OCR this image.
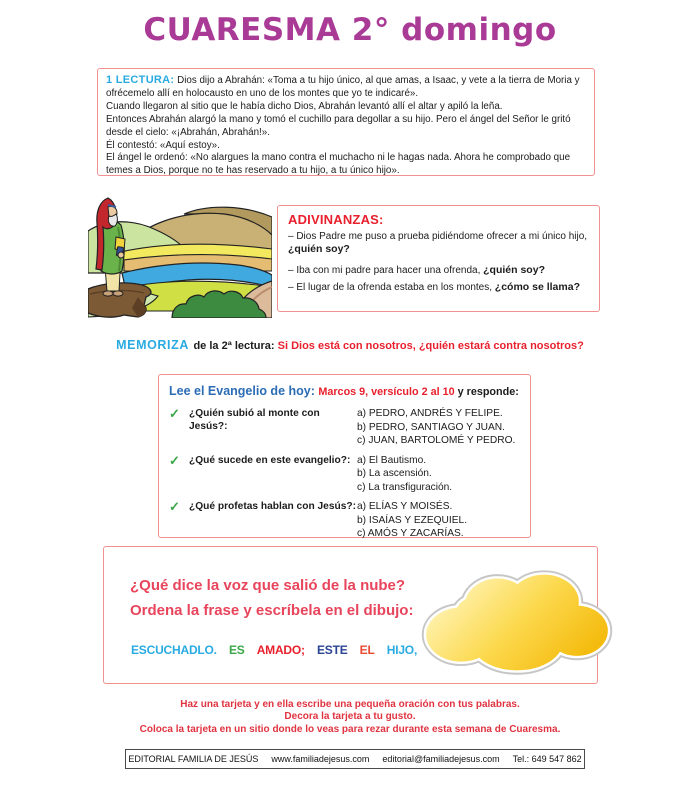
CUARESMA 2° domingo
1 LECTURA: Dios dijo a Abrahán: «Toma a tu hijo único, al que amas, a Isaac, y vete a la tierra de Moria y ofrécemelo allí en holocausto en uno de los montes que yo te indicaré».
Cuando llegaron al sitio que le había dicho Dios, Abrahán levantó allí el altar y apiló la leña.
Entonces Abrahán alargó la mano y tomó el cuchillo para degollar a su hijo. Pero el ángel del Señor le gritó desde el cielo: «¡Abrahán, Abrahán!».
Él contestó: «Aquí estoy».
El ángel le ordenó: «No alargues la mano contra el muchacho ni le hagas nada. Ahora he comprobado que temes a Dios, porque no te has reservado a tu hijo, a tu único hijo».
ADIVINANZAS:
– Dios Padre me puso a prueba pidiéndome ofrecer a mi único hijo, ¿quién soy?
– Iba con mi padre para hacer una ofrenda, ¿quién soy?
– El lugar de la ofrenda estaba en los montes, ¿cómo se llama?
MEMORIZA de la 2ª lectura: Si Dios está con nosotros, ¿quién estará contra nosotros?
Lee el Evangelio de hoy: Marcos 9, versículo 2 al 10 y responde:
✓ ¿Quién subió al monte con Jesús?:
a) PEDRO, ANDRÉS Y FELIPE.
b) PEDRO, SANTIAGO Y JUAN.
c) JUAN, BARTOLOMÉ Y PEDRO.
✓ ¿Qué sucede en este evangelio?: a) El Bautismo.
b) La ascensión.
c) La transfiguración.
✓ ¿Qué profetas hablan con Jesús?: a) ELÍAS Y MOISÉS.
b) ISAÍAS Y EZEQUIEL.
c) AMÓS Y ZACARÍAS.
¿Qué dice la voz que salió de la nube?
Ordena la frase y escríbela en el dibujo:
ESCUCHADLO. ES AMADO; ESTE EL HIJO,
Haz una tarjeta y en ella escribe una pequeña oración con tus palabras.
Decora la tarjeta a tu gusto.
Coloca la tarjeta en un sitio donde lo veas para rezar durante esta semana de Cuaresma.
EDITORIAL FAMILIA DE JESÚS www.familiadejesus.com editorial@familiadejesus.com Tel.: 649 547 862
